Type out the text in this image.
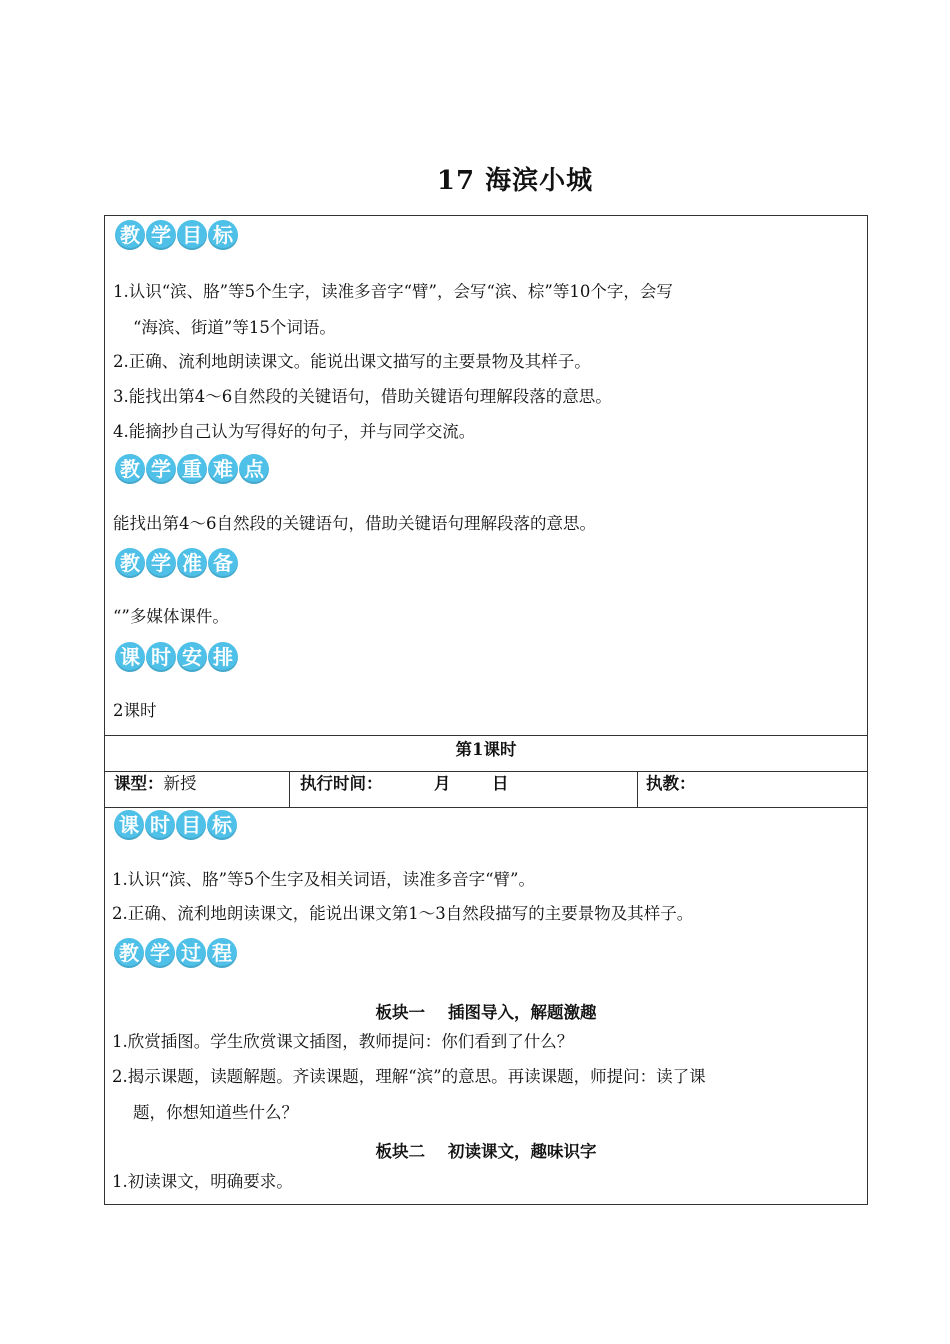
17 海滨小城
教 学 目 标
1.认识“滨、胳”等5个生字，读准多音字“臂”，会写“滨、棕”等10个字，会写
“海滨、街道”等15个词语。
2.正确、流利地朗读课文。能说出课文描写的主要景物及其样子。
3.能找出第4～6自然段的关键语句，借助关键语句理解段落的意思。
4.能摘抄自己认为写得好的句子，并与同学交流。
教 学 重 难 点
能找出第4～6自然段的关键语句，借助关键语句理解段落的意思。
教 学 准 备
“”多媒体课件。
课 时 安 排
2课时
第1课时
课型：新授	执行时间：	月	日	执教：
课 时 目 标
1.认识“滨、胳”等5个生字及相关词语，读准多音字“臂”。
2.正确、流利地朗读课文，能说出课文第1～3自然段描写的主要景物及其样子。
教 学 过 程
板块一    插图导入，解题激趣
1.欣赏插图。学生欣赏课文插图，教师提问：你们看到了什么？
2.揭示课题，读题解题。齐读课题，理解“滨”的意思。再读课题，师提问：读了课
题，你想知道些什么？
板块二    初读课文，趣味识字
1.初读课文，明确要求。
